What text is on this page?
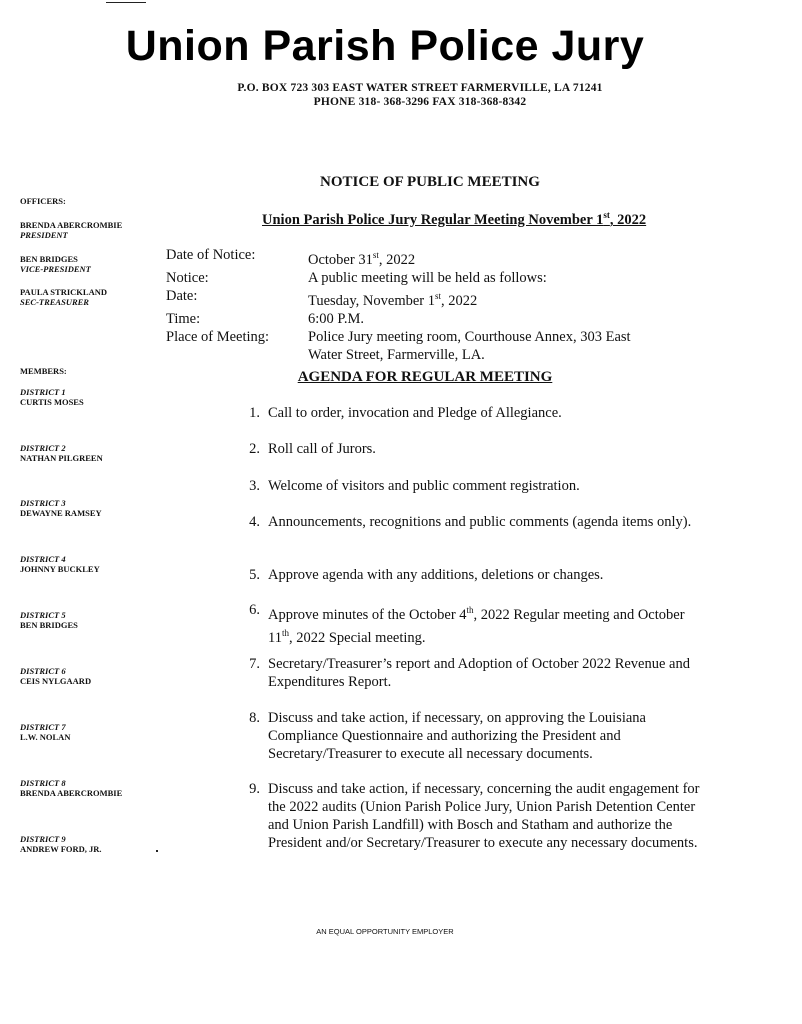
Union Parish Police Jury
P.O. BOX 723 303 EAST WATER STREET FARMERVILLE, LA 71241
PHONE 318- 368-3296 FAX 318-368-8342
NOTICE OF PUBLIC MEETING
OFFICERS:
BRENDA ABERCROMBIE
PRESIDENT
BEN BRIDGES
VICE-PRESIDENT
PAULA STRICKLAND
SEC-TREASURER
MEMBERS:
DISTRICT 1
CURTIS MOSES
DISTRICT 2
NATHAN PILGREEN
DISTRICT 3
DEWAYNE RAMSEY
DISTRICT 4
JOHNNY BUCKLEY
DISTRICT 5
BEN BRIDGES
DISTRICT 6
CEIS NYLGAARD
DISTRICT 7
L.W. NOLAN
DISTRICT 8
BRENDA ABERCROMBIE
DISTRICT 9
ANDREW FORD, JR.
Union Parish Police Jury Regular Meeting November 1st, 2022
Date of Notice:	October 31st, 2022
Notice:	A public meeting will be held as follows:
Date:	Tuesday, November 1st, 2022
Time:	6:00 P.M.
Place of Meeting:	Police Jury meeting room, Courthouse Annex, 303 East
Water Street, Farmerville, LA.
AGENDA FOR REGULAR MEETING
1. Call to order, invocation and Pledge of Allegiance.
2. Roll call of Jurors.
3. Welcome of visitors and public comment registration.
4. Announcements, recognitions and public comments (agenda items only).
5. Approve agenda with any additions, deletions or changes.
6. Approve minutes of the October 4th, 2022 Regular meeting and October 11th, 2022 Special meeting.
7. Secretary/Treasurer’s report and Adoption of October 2022 Revenue and Expenditures Report.
8. Discuss and take action, if necessary, on approving the Louisiana Compliance Questionnaire and authorizing the President and Secretary/Treasurer to execute all necessary documents.
9. Discuss and take action, if necessary, concerning the audit engagement for the 2022 audits (Union Parish Police Jury, Union Parish Detention Center and Union Parish Landfill) with Bosch and Statham and authorize the President and/or Secretary/Treasurer to execute any necessary documents.
AN EQUAL OPPORTUNITY EMPLOYER
